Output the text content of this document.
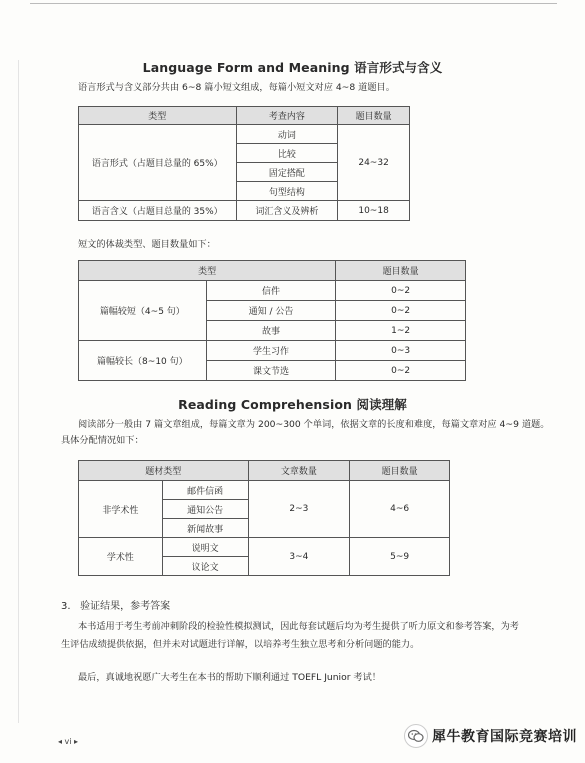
Language Form and Meaning 语言形式与含义
语言形式与含义部分共由 6~8 篇小短文组成，每篇小短文对应 4~8 道题目。
类型	考查内容	题目数量
语言形式（占题目总量的 65%）	动词	24~32
	比较	
	固定搭配	
	句型结构	
语言含义（占题目总量的 35%）	词汇含义及辨析	10~18
短文的体裁类型、题目数量如下：
类型		题目数量
篇幅较短（4~5 句）	信件	0~2
	通知 / 公告	0~2
	故事	1~2
篇幅较长（8~10 句）	学生习作	0~3
	课文节选	0~2
Reading Comprehension 阅读理解
阅读部分一般由 7 篇文章组成，每篇文章为 200~300 个单词，依据文章的长度和难度，每篇文章对应 4~9 道题。
具体分配情况如下：
题材类型		文章数量	题目数量
非学术性	邮件信函	2~3	4~6
	通知公告		
	新闻故事		
学术性	说明文	3~4	5~9
	议论文		
3.   验证结果，参考答案
本书适用于考生考前冲刺阶段的检验性模拟测试，因此每套试题后均为考生提供了听力原文和参考答案，为考
生评估成绩提供依据，但并未对试题进行详解，以培养考生独立思考和分析问题的能力。
最后，真诚地祝愿广大考生在本书的帮助下顺利通过 TOEFL Junior 考试！
◂ vi ▸	犀牛教育国际竞赛培训
